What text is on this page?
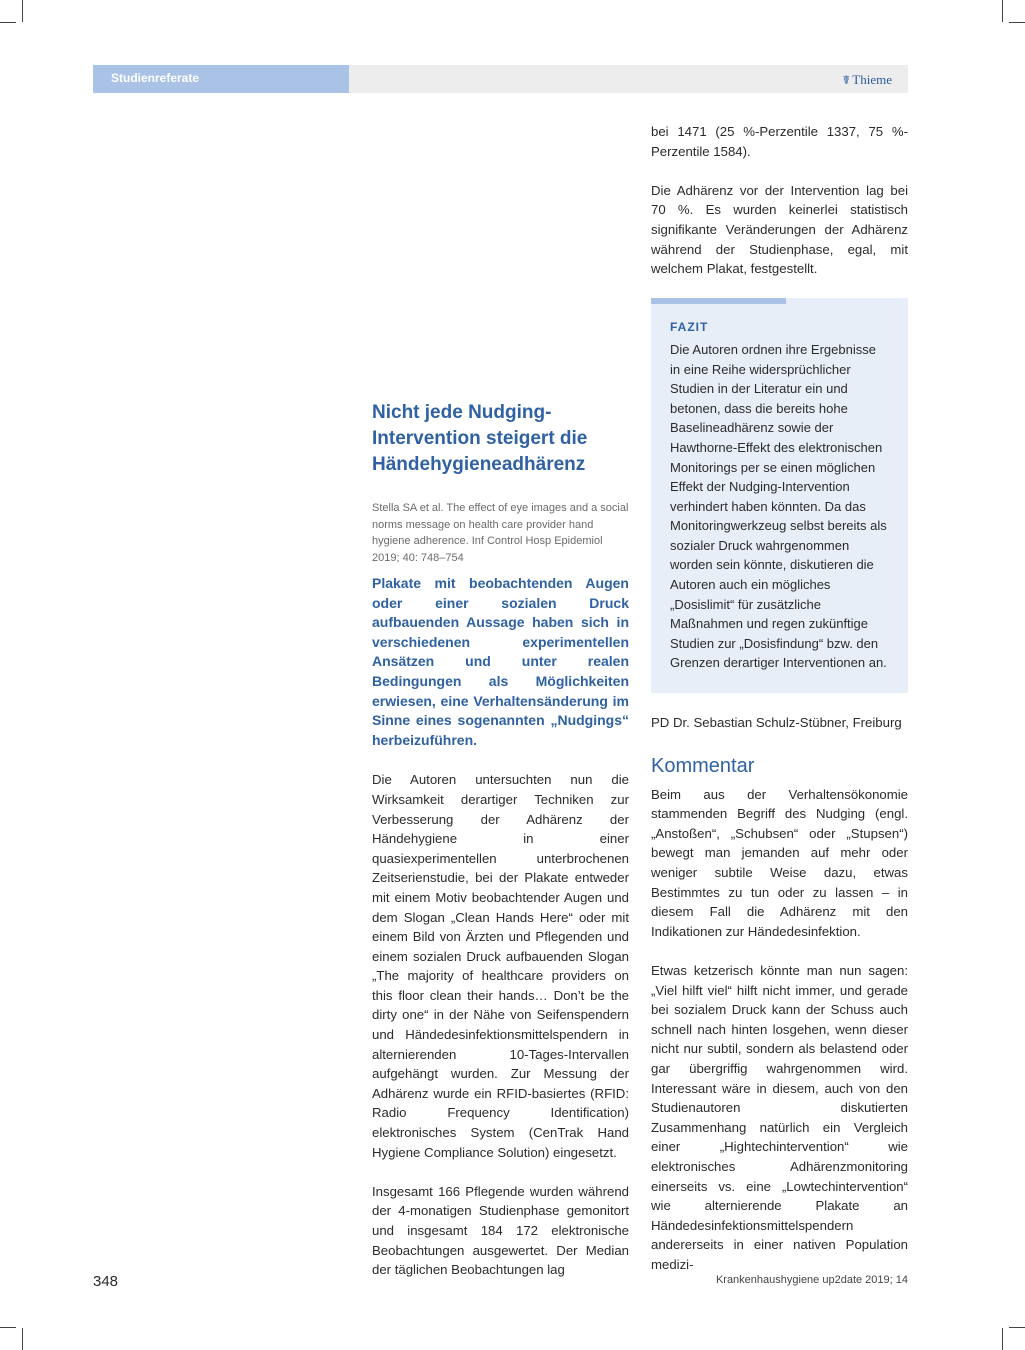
Studienreferate	☤ Thieme
Nicht jede Nudging-Intervention steigert die Händehygieneadhärenz
Stella SA et al. The effect of eye images and a social norms message on health care provider hand hygiene adherence. Inf Control Hosp Epidemiol 2019; 40: 748–754
Plakate mit beobachtenden Augen oder einer sozialen Druck aufbauenden Aussage haben sich in verschiedenen experimentellen Ansätzen und unter realen Bedingungen als Möglichkeiten erwiesen, eine Verhaltensänderung im Sinne eines sogenannten „Nudgings“ herbeizuführen.

Die Autoren untersuchten nun die Wirksamkeit derartiger Techniken zur Verbesserung der Adhärenz der Händehygiene in einer quasiexperimentellen unterbrochenen Zeitserienstudie, bei der Plakate entweder mit einem Motiv beobachtender Augen und dem Slogan „Clean Hands Here“ oder mit einem Bild von Ärzten und Pflegenden und einem sozialen Druck aufbauenden Slogan „The majority of healthcare providers on this floor clean their hands… Don’t be the dirty one“ in der Nähe von Seifenspendern und Händedesinfektionsmittelspendern in alternierenden 10-Tages-Intervallen aufgehängt wurden. Zur Messung der Adhärenz wurde ein RFID-basiertes (RFID: Radio Frequency Identification) elektronisches System (CenTrak Hand Hygiene Compliance Solution) eingesetzt.

Insgesamt 166 Pflegende wurden während der 4-monatigen Studienphase gemonitort und insgesamt 184 172 elektronische Beobachtungen ausgewertet. Der Median der täglichen Beobachtungen lag

bei 1471 (25 %-Perzentile 1337, 75 %-Perzentile 1584).

Die Adhärenz vor der Intervention lag bei 70 %. Es wurden keinerlei statistisch signifikante Veränderungen der Adhärenz während der Studienphase, egal, mit welchem Plakat, festgestellt.

FAZIT
Die Autoren ordnen ihre Ergebnisse in eine Reihe widersprüchlicher Studien in der Literatur ein und betonen, dass die bereits hohe Baselineadhärenz sowie der Hawthorne-Effekt des elektronischen Monitorings per se einen möglichen Effekt der Nudging-Intervention verhindert haben könnten. Da das Monitoringwerkzeug selbst bereits als sozialer Druck wahrgenommen worden sein könnte, diskutieren die Autoren auch ein mögliches „Dosislimit“ für zusätzliche Maßnahmen und regen zukünftige Studien zur „Dosisfindung“ bzw. den Grenzen derartiger Interventionen an.
PD Dr. Sebastian Schulz-Stübner, Freiburg
Kommentar

Beim aus der Verhaltensökonomie stammenden Begriff des Nudging (engl. „Anstoßen“, „Schubsen“ oder „Stupsen“) bewegt man jemanden auf mehr oder weniger subtile Weise dazu, etwas Bestimmtes zu tun oder zu lassen – in diesem Fall die Adhärenz mit den Indikationen zur Händedesinfektion.

Etwas ketzerisch könnte man nun sagen: „Viel hilft viel“ hilft nicht immer, und gerade bei sozialem Druck kann der Schuss auch schnell nach hinten losgehen, wenn dieser nicht nur subtil, sondern als belastend oder gar übergriffig wahrgenommen wird. Interessant wäre in diesem, auch von den Studienautoren diskutierten Zusammenhang natürlich ein Vergleich einer „Hightechintervention“ wie elektronisches Adhärenzmonitoring einerseits vs. eine „Lowtechintervention“ wie alternierende Plakate an Händedesinfektionsmittelspendern andererseits in einer nativen Population medizi-

348	Krankenhaushygiene up2date 2019; 14
